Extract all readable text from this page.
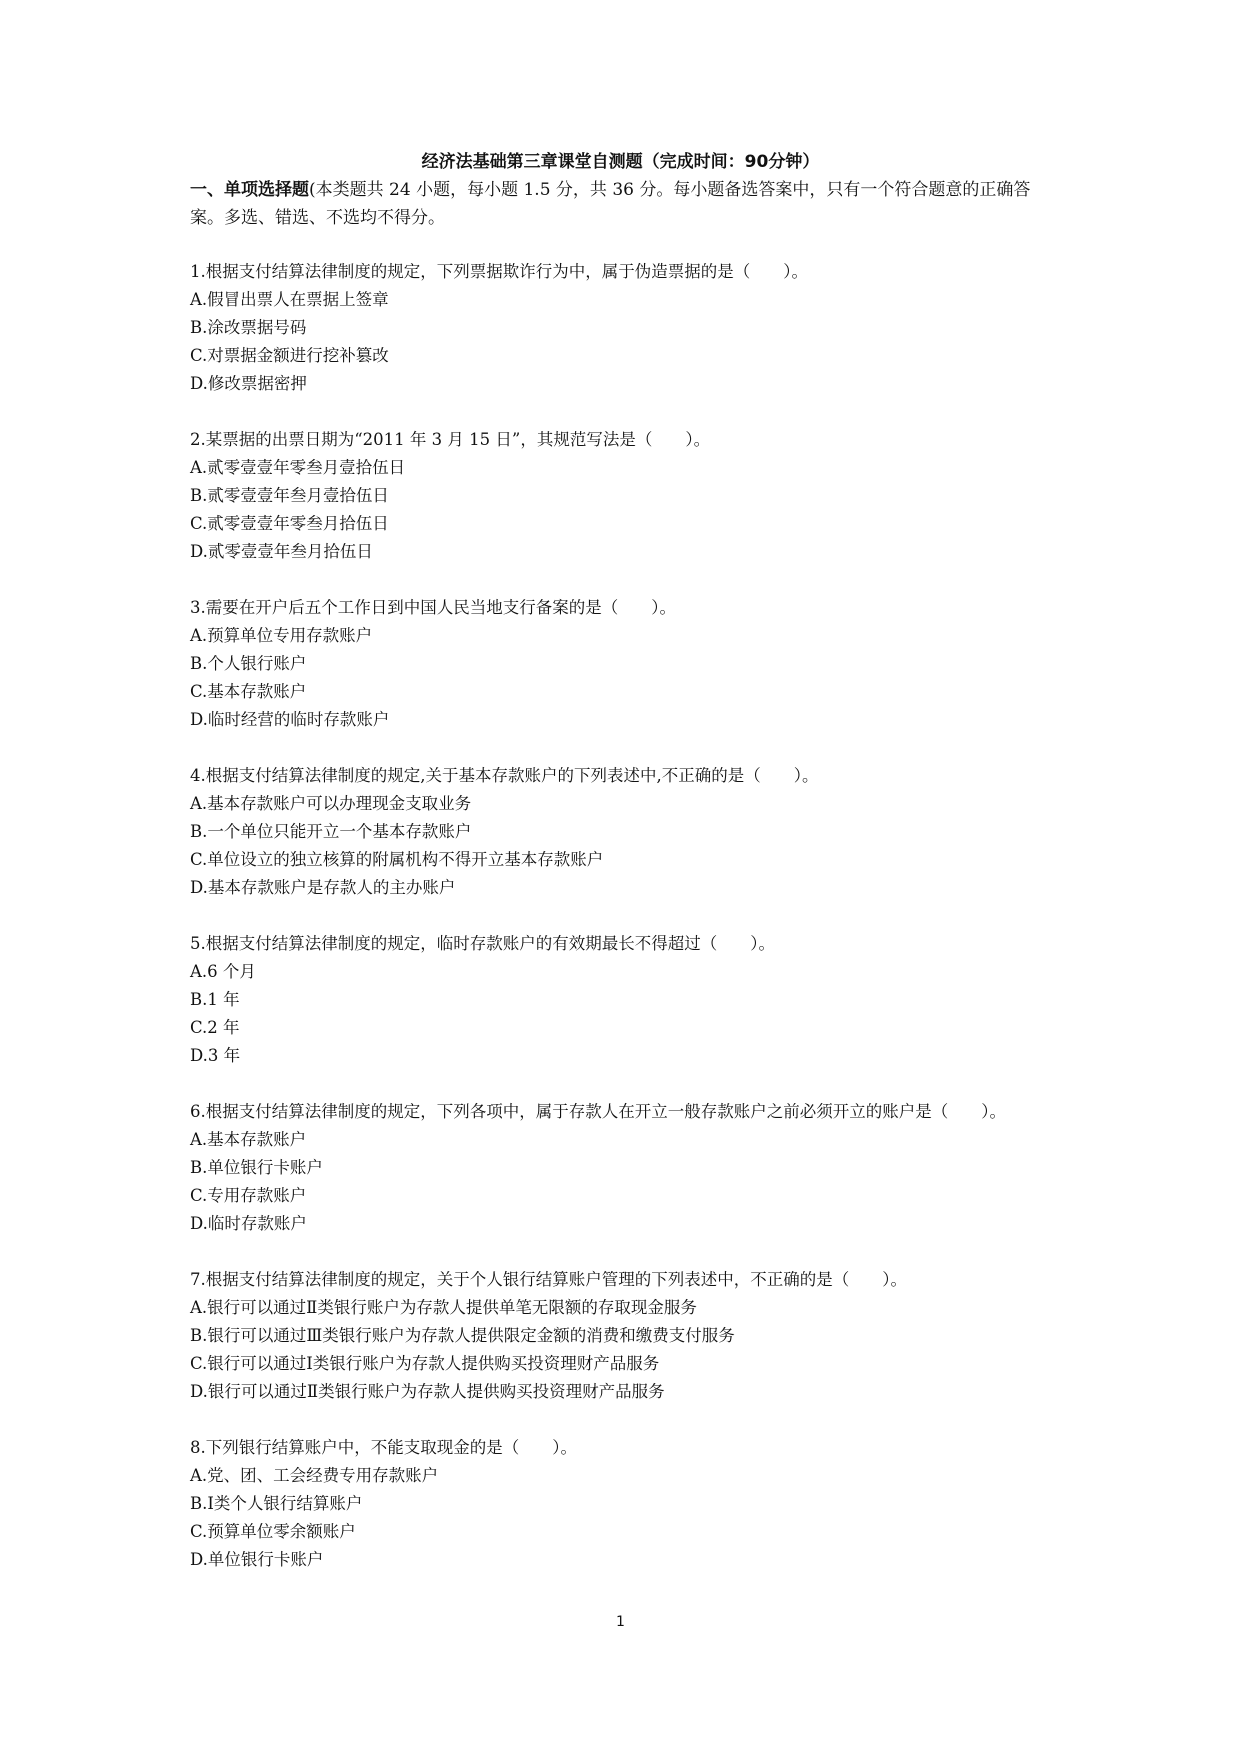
经济法基础第三章课堂自测题（完成时间：90分钟）
一、单项选择题(本类题共 24 小题，每小题 1.5 分，共 36 分。每小题备选答案中，只有一个符合题意的正确答案。多选、错选、不选均不得分。
1.根据支付结算法律制度的规定，下列票据欺诈行为中，属于伪造票据的是（　　）。
A.假冒出票人在票据上签章
B.涂改票据号码
C.对票据金额进行挖补篡改
D.修改票据密押
2.某票据的出票日期为“2011 年 3 月 15 日”，其规范写法是（　　）。
A.贰零壹壹年零叁月壹拾伍日
B.贰零壹壹年叁月壹拾伍日
C.贰零壹壹年零叁月拾伍日
D.贰零壹壹年叁月拾伍日
3.需要在开户后五个工作日到中国人民当地支行备案的是（　　）。
A.预算单位专用存款账户
B.个人银行账户
C.基本存款账户
D.临时经营的临时存款账户
4.根据支付结算法律制度的规定,关于基本存款账户的下列表述中,不正确的是（　　）。
A.基本存款账户可以办理现金支取业务
B.一个单位只能开立一个基本存款账户
C.单位设立的独立核算的附属机构不得开立基本存款账户
D.基本存款账户是存款人的主办账户
5.根据支付结算法律制度的规定，临时存款账户的有效期最长不得超过（　　）。
A.6 个月
B.1 年
C.2 年
D.3 年
6.根据支付结算法律制度的规定，下列各项中，属于存款人在开立一般存款账户之前必须开立的账户是（　　）。
A.基本存款账户
B.单位银行卡账户
C.专用存款账户
D.临时存款账户
7.根据支付结算法律制度的规定，关于个人银行结算账户管理的下列表述中，不正确的是（　　）。
A.银行可以通过Ⅱ类银行账户为存款人提供单笔无限额的存取现金服务
B.银行可以通过Ⅲ类银行账户为存款人提供限定金额的消费和缴费支付服务
C.银行可以通过Ⅰ类银行账户为存款人提供购买投资理财产品服务
D.银行可以通过Ⅱ类银行账户为存款人提供购买投资理财产品服务
8.下列银行结算账户中，不能支取现金的是（　　）。
A.党、团、工会经费专用存款账户
B.Ⅰ类个人银行结算账户
C.预算单位零余额账户
D.单位银行卡账户
1
